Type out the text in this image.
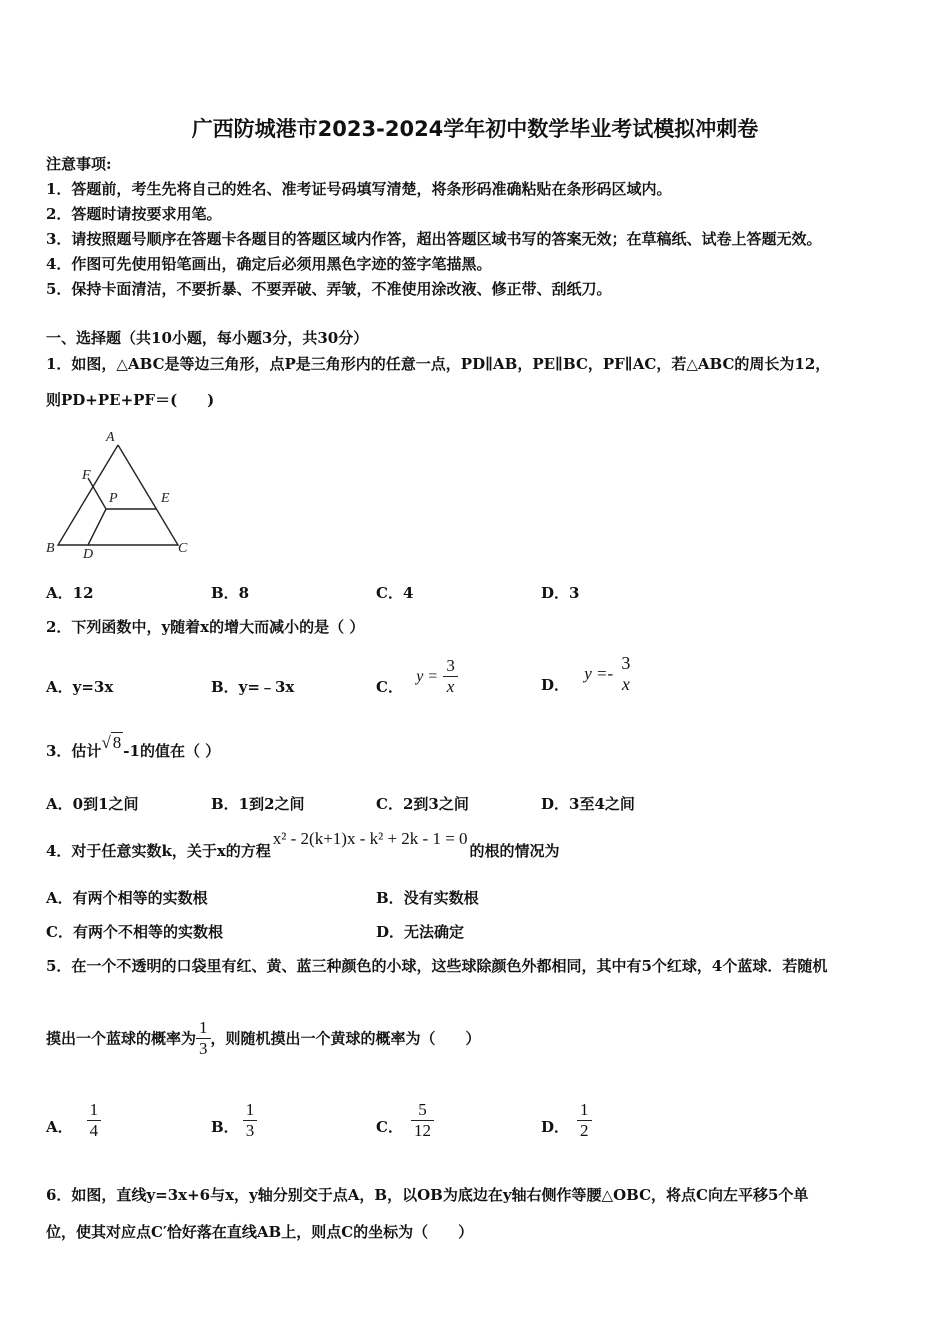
广西防城港市2023-2024学年初中数学毕业考试模拟冲刺卷
注意事项:
1．答题前，考生先将自己的姓名、准考证号码填写清楚，将条形码准确粘贴在条形码区域内。
2．答题时请按要求用笔。
3．请按照题号顺序在答题卡各题目的答题区域内作答，超出答题区域书写的答案无效；在草稿纸、试卷上答题无效。
4．作图可先使用铅笔画出，确定后必须用黑色字迹的签字笔描黑。
5．保持卡面清洁，不要折暴、不要弄破、弄皱，不准使用涂改液、修正带、刮纸刀。
一、选择题（共10小题，每小题3分，共30分）
1．如图，△ABC是等边三角形，点P是三角形内的任意一点，PD∥AB，PE∥BC，PF∥AC，若△ABC的周长为12，
则PD+PE+PF＝(　　)
A
B	C
D
E
F
P
A．12	B．8	C．4	D．3
2．下列函数中，y随着x的增大而减小的是（ ）
A．y=3x	B．y=﹣3x	C． $y = \frac{3}{x}$	D． y =-
3
x
3．估计√ 8 -1的值在（ ）
A．0到1之间	B．1到2之间	C．2到3之间	D．3至4之间
4．对于任意实数k，关于x的方程x² - 2(k+1)x - k² + 2k - 1 = 0的根的情况为
A．有两个相等的实数根	B．没有实数根
C．有两个不相等的实数根	D．无法确定
5．在一个不透明的口袋里有红、黄、蓝三种颜色的小球，这些球除颜色外都相同，其中有5个红球，4个蓝球．若随机
摸出一个蓝球的概率为 $\frac{1}{3}$ ，则随机摸出一个黄球的概率为（　　）
A． $\frac{1}{4}$	B． $\frac{1}{3}$	C． $\frac{5}{12}$	D． $\frac{1}{2}$
6．如图，直线y=3x+6与x，y轴分别交于点A，B，以OB为底边在y轴右侧作等腰△OBC，将点C向左平移5个单
位，使其对应点C′恰好落在直线AB上，则点C的坐标为（　　）
